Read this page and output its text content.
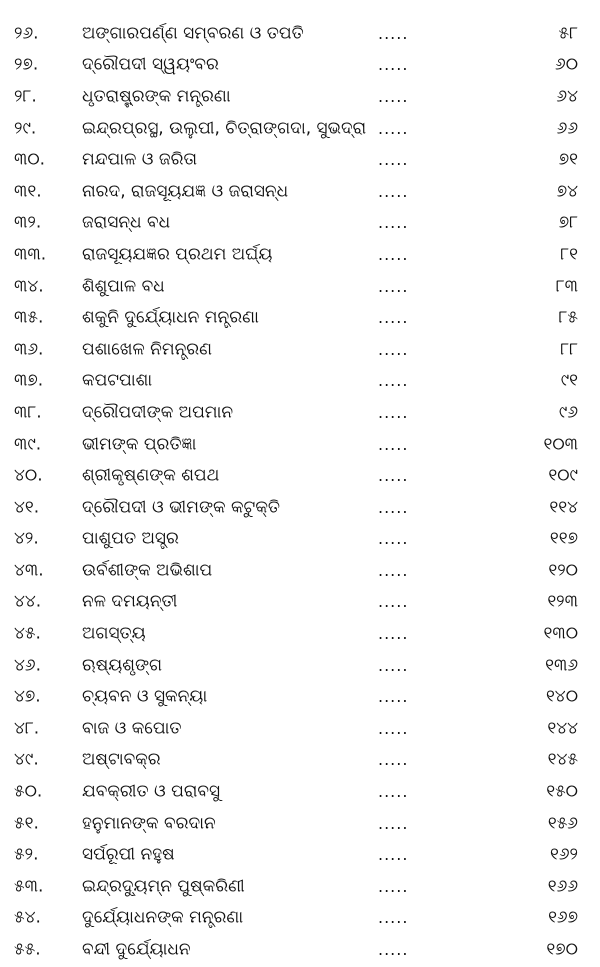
୨୬.	ଅଙ୍ଗାରପର୍ଣ୍ଣ ସମ୍ବରଣ ଓ ତପତି	.....	୫୮
୨୭.	ଦ୍ରୌପଦୀ ସ୍ୱୟଂବର	.....	୬୦
୨୮.	ଧୃତରାଷ୍ଟ୍ରଙ୍କ ମନ୍ତ୍ରଣା	.....	୬୪
୨୯.	ଇନ୍ଦ୍ରପ୍ରସ୍ଥ, ଉଲୁପୀ, ଚିତ୍ରାଙ୍ଗଦା, ସୁଭଦ୍ରା .....	୬୬
୩୦. ମନ୍ଦପାଳ ଓ ଜରିତା	.....	୭୧
୩୧. ନାରଦ, ରାଜସୂୟଯଜ୍ଞ ଓ ଜରାସନ୍ଧ	.....	୭୪
୩୨. ଜରାସନ୍ଧ ବଧ	.....	୭୮
୩୩. ରାଜସୂୟଯଜ୍ଞର ପ୍ରଥମ ଅର୍ଘ୍ୟ	.....	୮୧
୩୪. ଶିଶୁପାଳ ବଧ	.....	୮୩
୩୫. ଶକୁନି ଦୁର୍ଯ୍ୟୋଧନ ମନ୍ତ୍ରଣା	.....	୮୫
୩୬. ପଶାଖେଳ ନିମନ୍ତ୍ରଣ	.....	୮୮
୩୭. କପଟପାଶା	.....	୯୧
୩୮. ଦ୍ରୌପଦୀଙ୍କ ଅପମାନ	.....	୯୬
୩୯. ଭୀମଙ୍କ ପ୍ରତିଜ୍ଞା	.....	୧୦୩
୪୦. ଶ୍ରୀକୃଷ୍ଣଙ୍କ ଶପଥ	.....	୧୦୯
୪୧.	ଦ୍ରୌପଦୀ ଓ ଭୀମଙ୍କ କଟୁକ୍ତି	.....	୧୧୪
୪୨.	ପାଶୁପତ ଅସ୍ତ୍ର	.....	୧୧୭
୪୩. ଉର୍ବଶୀଙ୍କ ଅଭିଶାପ	.....	୧୨୦
୪୪. ନଳ ଦମୟନ୍ତୀ	.....	୧୨୩
୪୫. ଅଗସ୍ତ୍ୟ	.....	୧୩୦
୪୬. ଋଷ୍ୟଶୃଙ୍ଗ	.....	୧୩୬
୪୭. ଚ୍ୟବନ ଓ ସୁକନ୍ୟା	.....	୧୪୦
୪୮.	ବାଜ ଓ କପୋତ	.....	୧୪୪
୪୯.	ଅଷ୍ଟାବକ୍ର	.....	୧୪୫
୫୦. ଯବକ୍ରୀତ ଓ ପରାବସୁ	.....	୧୫୦
୫୧.	ହନୁମାନଙ୍କ ବରଦାନ	.....	୧୫୬
୫୨.	ସର୍ପରୂପୀ ନହୁଷ	.....	୧୬୨
୫୩. ଇନ୍ଦ୍ରଦ୍ୟୁମ୍ନ ପୁଷ୍କରିଣୀ	.....	୧୬୬
୫୪. ଦୁର୍ଯ୍ୟୋଧନଙ୍କ ମନ୍ତ୍ରଣା	.....	୧୬୭
୫୫. ବନ୍ଦୀ ଦୁର୍ଯ୍ୟୋଧନ	.....	୧୭୦
